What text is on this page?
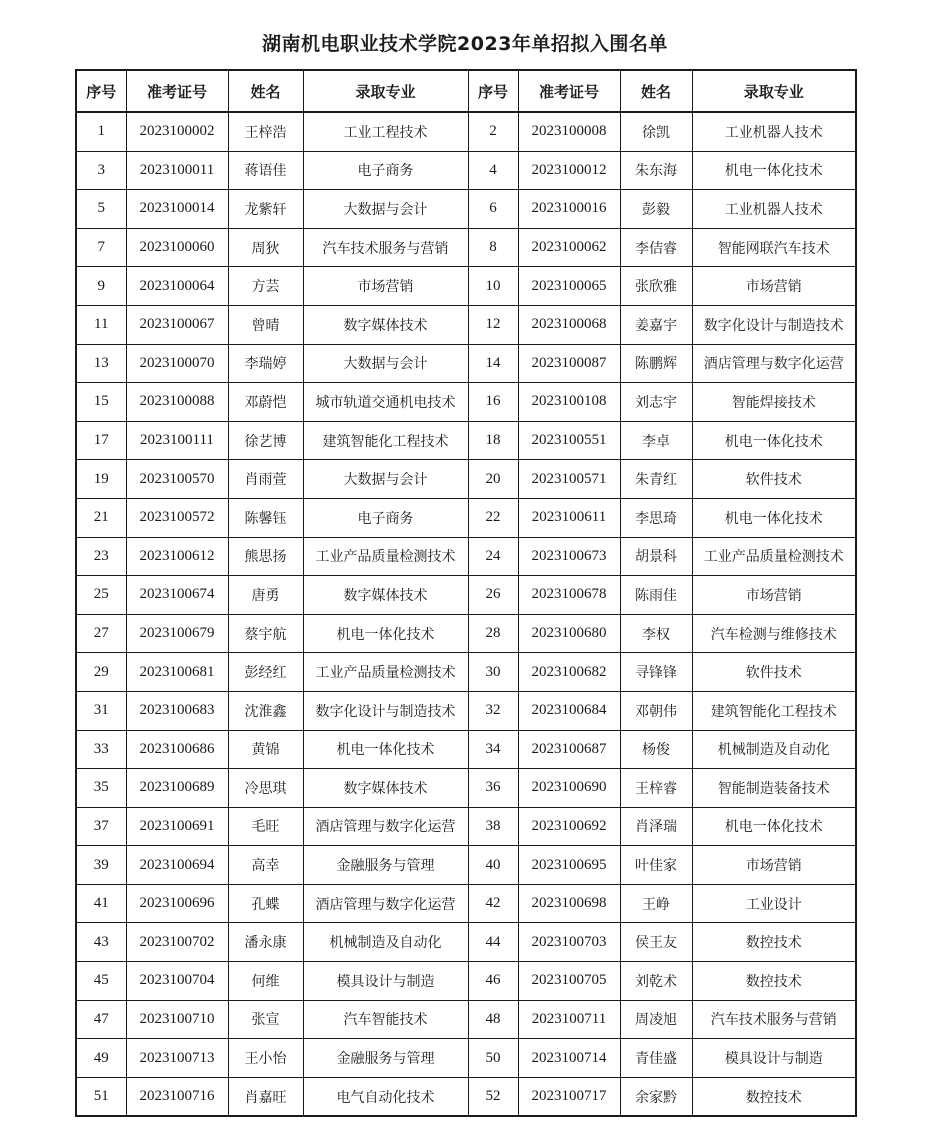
湖南机电职业技术学院2023年单招拟入围名单
序号	准考证号	姓名	录取专业	序号	准考证号	姓名	录取专业
1	2023100002	王梓浩	工业工程技术	2	2023100008	徐凯	工业机器人技术
3	2023100011	蒋语佳	电子商务	4	2023100012	朱东海	机电一体化技术
5	2023100014	龙紫轩	大数据与会计	6	2023100016	彭毅	工业机器人技术
7	2023100060	周狄	汽车技术服务与营销	8	2023100062	李佶睿	智能网联汽车技术
9	2023100064	方芸	市场营销	10	2023100065	张欣雅	市场营销
11	2023100067	曾晴	数字媒体技术	12	2023100068	姜嘉宇	数字化设计与制造技术
13	2023100070	李瑞婷	大数据与会计	14	2023100087	陈鹏辉	酒店管理与数字化运营
15	2023100088	邓蔚恺	城市轨道交通机电技术	16	2023100108	刘志宇	智能焊接技术
17	2023100111	徐艺博	建筑智能化工程技术	18	2023100551	李卓	机电一体化技术
19	2023100570	肖雨萱	大数据与会计	20	2023100571	朱青红	软件技术
21	2023100572	陈馨钰	电子商务	22	2023100611	李思琦	机电一体化技术
23	2023100612	熊思扬	工业产品质量检测技术	24	2023100673	胡景科	工业产品质量检测技术
25	2023100674	唐勇	数字媒体技术	26	2023100678	陈雨佳	市场营销
27	2023100679	蔡宇航	机电一体化技术	28	2023100680	李权	汽车检测与维修技术
29	2023100681	彭经红	工业产品质量检测技术	30	2023100682	寻锋锋	软件技术
31	2023100683	沈淮鑫	数字化设计与制造技术	32	2023100684	邓朝伟	建筑智能化工程技术
33	2023100686	黄锦	机电一体化技术	34	2023100687	杨俊	机械制造及自动化
35	2023100689	冷思琪	数字媒体技术	36	2023100690	王梓睿	智能制造装备技术
37	2023100691	毛旺	酒店管理与数字化运营	38	2023100692	肖泽瑞	机电一体化技术
39	2023100694	高幸	金融服务与管理	40	2023100695	叶佳家	市场营销
41	2023100696	孔蝶	酒店管理与数字化运营	42	2023100698	王峥	工业设计
43	2023100702	潘永康	机械制造及自动化	44	2023100703	侯王友	数控技术
45	2023100704	何维	模具设计与制造	46	2023100705	刘乾术	数控技术
47	2023100710	张宣	汽车智能技术	48	2023100711	周凌旭	汽车技术服务与营销
49	2023100713	王小怡	金融服务与管理	50	2023100714	青佳盛	模具设计与制造
51	2023100716	肖嘉旺	电气自动化技术	52	2023100717	余家黔	数控技术
